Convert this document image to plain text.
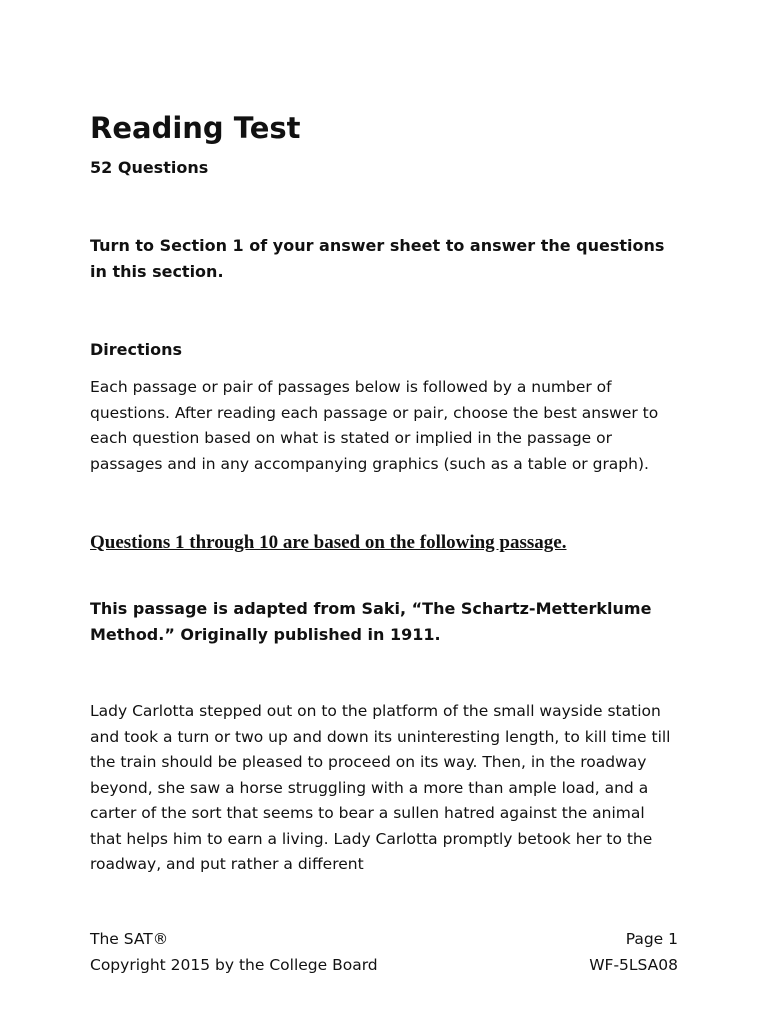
Reading Test

52 Questions

Turn to Section 1 of your answer sheet to answer the questions in this section.

Directions

Each passage or pair of passages below is followed by a number of questions. After reading each passage or pair, choose the best answer to each question based on what is stated or implied in the passage or passages and in any accompanying graphics (such as a table or graph).

Questions 1 through 10 are based on the following passage.

This passage is adapted from Saki, “The Schartz-Metterklume Method.” Originally published in 1911.

Lady Carlotta stepped out on to the platform of the small wayside station and took a turn or two up and down its uninteresting length, to kill time till the train should be pleased to proceed on its way. Then, in the roadway beyond, she saw a horse struggling with a more than ample load, and a carter of the sort that seems to bear a sullen hatred against the animal that helps him to earn a living. Lady Carlotta promptly betook her to the roadway, and put rather a different

The SAT®	Page 1
Copyright 2015 by the College Board	WF-5LSA08
